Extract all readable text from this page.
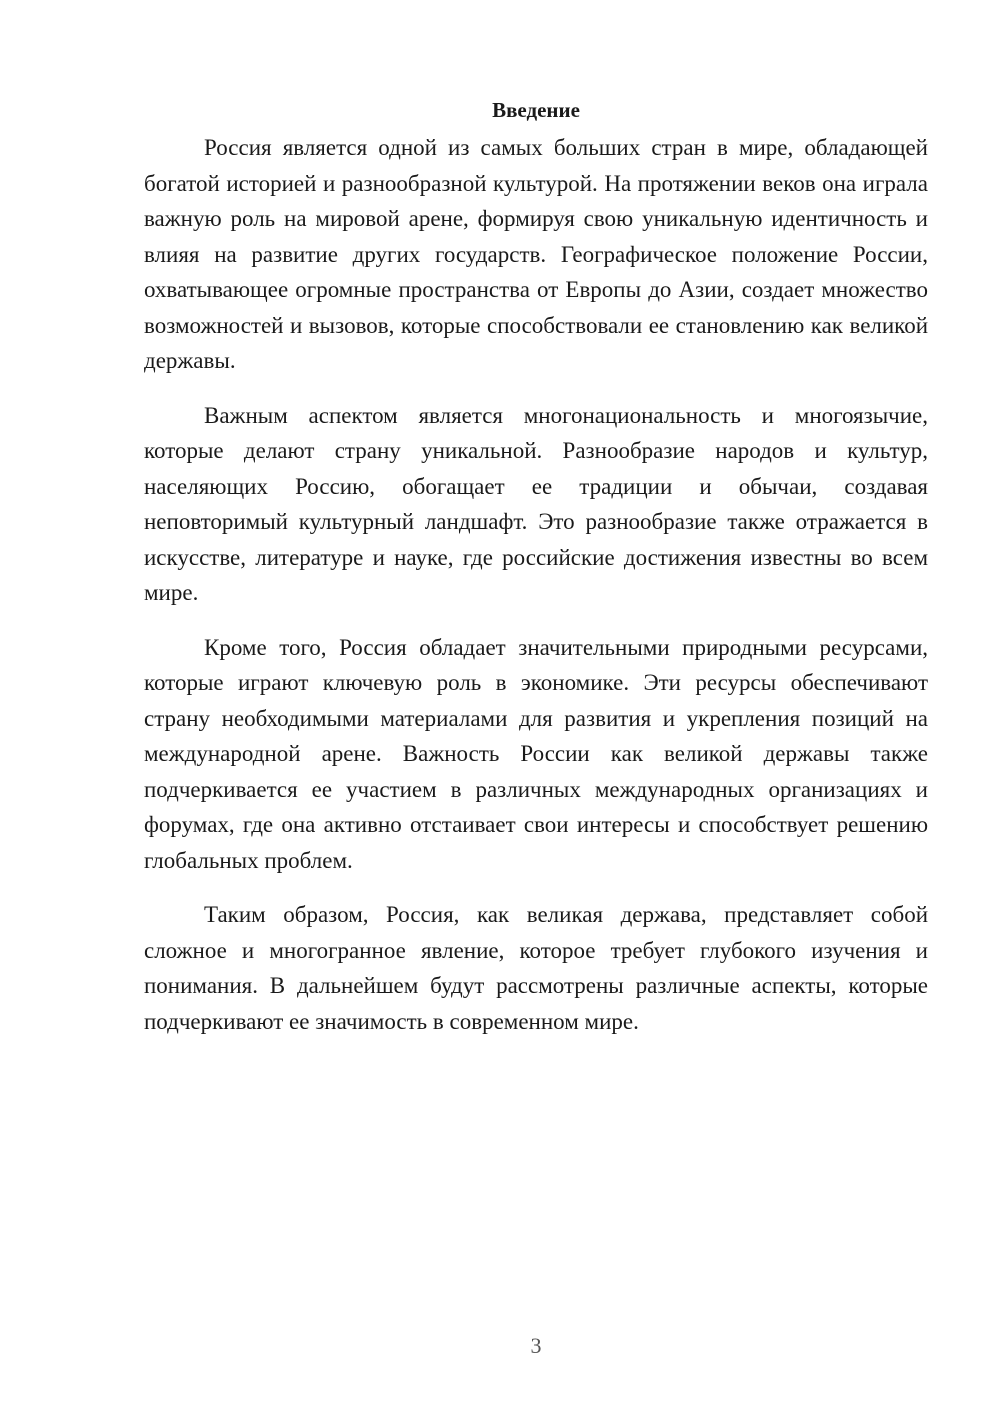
Введение

Россия является одной из самых больших стран в мире, обладающей богатой историей и разнообразной культурой. На протяжении веков она играла важную роль на мировой арене, формируя свою уникальную идентичность и влияя на развитие других государств. Географическое положение России, охватывающее огромные пространства от Европы до Азии, создает множество возможностей и вызовов, которые способствовали ее становлению как великой державы.

Важным аспектом является многонациональность и многоязычие, которые делают страну уникальной. Разнообразие народов и культур, населяющих Россию, обогащает ее традиции и обычаи, создавая неповторимый культурный ландшафт. Это разнообразие также отражается в искусстве, литературе и науке, где российские достижения известны во всем мире.

Кроме того, Россия обладает значительными природными ресурсами, которые играют ключевую роль в экономике. Эти ресурсы обеспечивают страну необходимыми материалами для развития и укрепления позиций на международной арене. Важность России как великой державы также подчеркивается ее участием в различных международных организациях и форумах, где она активно отстаивает свои интересы и способствует решению глобальных проблем.

Таким образом, Россия, как великая держава, представляет собой сложное и многогранное явление, которое требует глубокого изучения и понимания. В дальнейшем будут рассмотрены различные аспекты, которые подчеркивают ее значимость в современном мире.

3
